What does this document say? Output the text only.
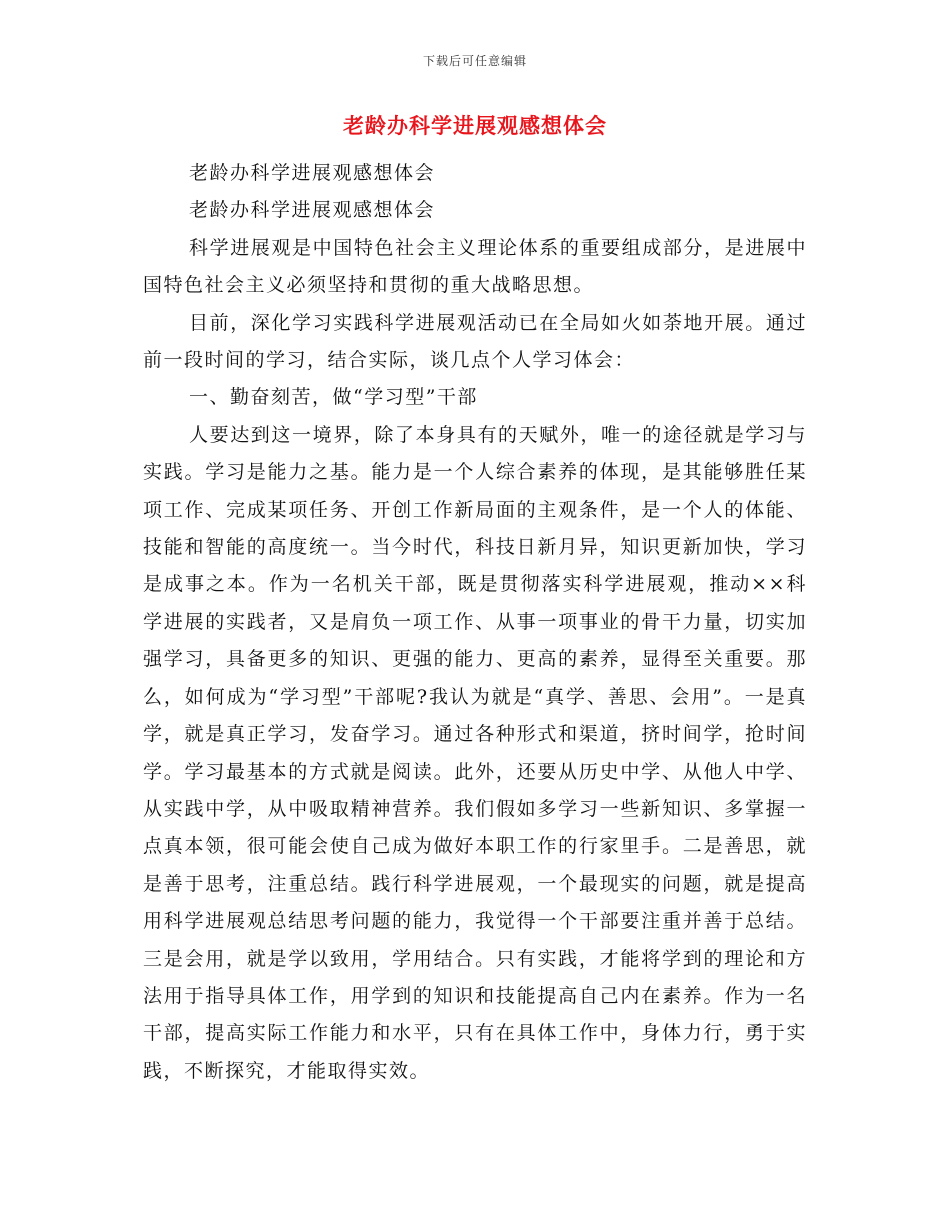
下载后可任意编辑
老龄办科学进展观感想体会

老龄办科学进展观感想体会

老龄办科学进展观感想体会

科学进展观是中国特色社会主义理论体系的重要组成部分，是进展中国特色社会主义必须坚持和贯彻的重大战略思想。

目前，深化学习实践科学进展观活动已在全局如火如荼地开展。通过前一段时间的学习，结合实际，谈几点个人学习体会：

一、勤奋刻苦，做“学习型”干部

人要达到这一境界，除了本身具有的天赋外，唯一的途径就是学习与实践。学习是能力之基。能力是一个人综合素养的体现，是其能够胜任某项工作、完成某项任务、开创工作新局面的主观条件，是一个人的体能、技能和智能的高度统一。当今时代，科技日新月异，知识更新加快，学习是成事之本。作为一名机关干部，既是贯彻落实科学进展观，推动××科学进展的实践者，又是肩负一项工作、从事一项事业的骨干力量，切实加强学习，具备更多的知识、更强的能力、更高的素养，显得至关重要。那么，如何成为“学习型”干部呢?我认为就是“真学、善思、会用”。一是真学，就是真正学习，发奋学习。通过各种形式和渠道，挤时间学，抢时间学。学习最基本的方式就是阅读。此外，还要从历史中学、从他人中学、从实践中学，从中吸取精神营养。我们假如多学习一些新知识、多掌握一点真本领，很可能会使自己成为做好本职工作的行家里手。二是善思，就是善于思考，注重总结。践行科学进展观，一个最现实的问题，就是提高用科学进展观总结思考问题的能力，我觉得一个干部要注重并善于总结。三是会用，就是学以致用，学用结合。只有实践，才能将学到的理论和方法用于指导具体工作，用学到的知识和技能提高自己内在素养。作为一名干部，提高实际工作能力和水平，只有在具体工作中，身体力行，勇于实践，不断探究，才能取得实效。
